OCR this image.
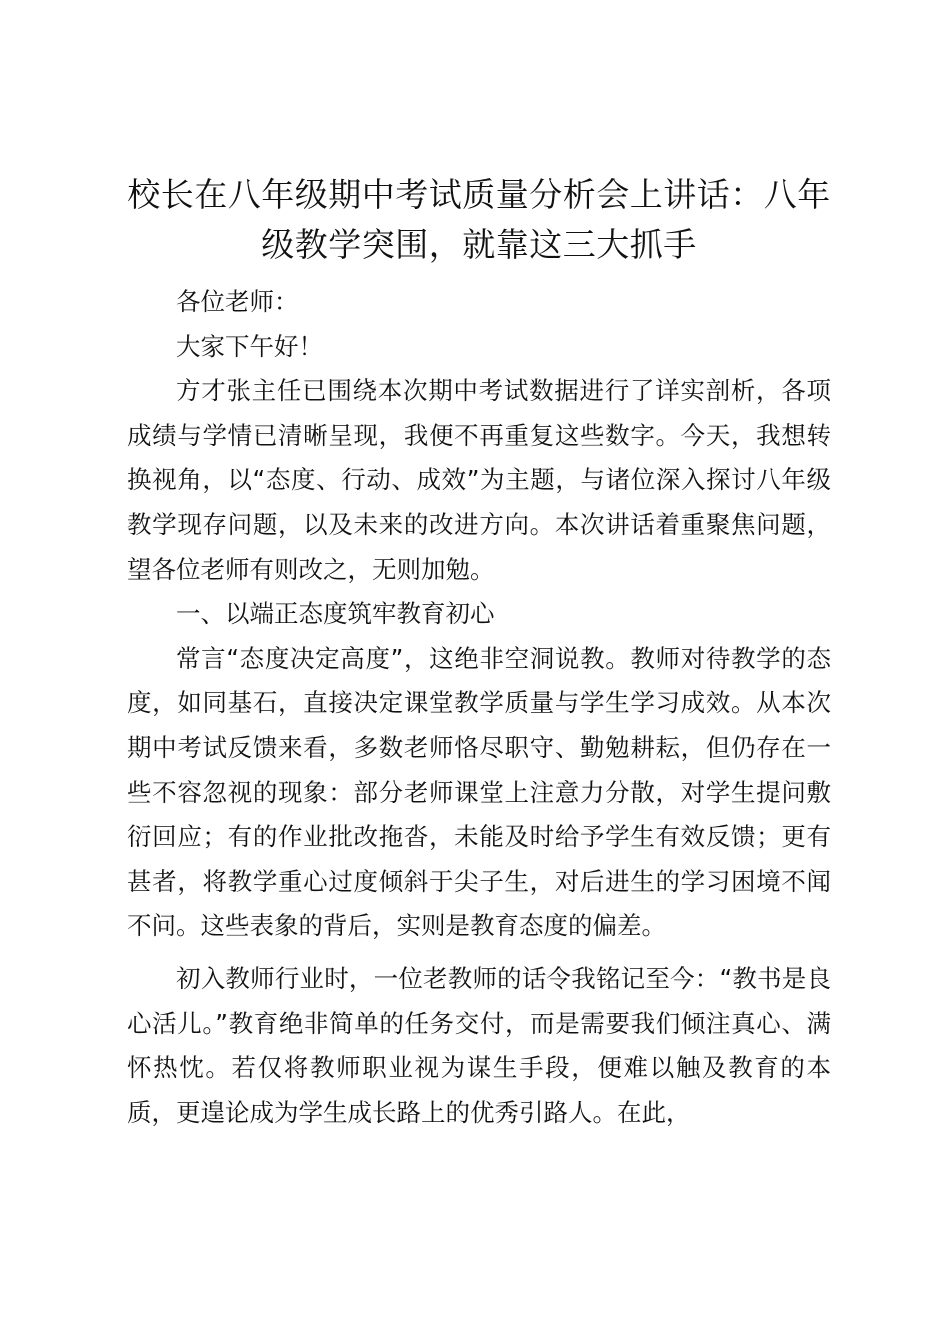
校长在八年级期中考试质量分析会上讲话：八年级教学突围，就靠这三大抓手

各位老师：

大家下午好！

方才张主任已围绕本次期中考试数据进行了详实剖析，各项成绩与学情已清晰呈现，我便不再重复这些数字。今天，我想转换视角，以“态度、行动、成效”为主题，与诸位深入探讨八年级教学现存问题，以及未来的改进方向。本次讲话着重聚焦问题，望各位老师有则改之，无则加勉。

一、以端正态度筑牢教育初心

常言“态度决定高度”，这绝非空洞说教。教师对待教学的态度，如同基石，直接决定课堂教学质量与学生学习成效。从本次期中考试反馈来看，多数老师恪尽职守、勤勉耕耘，但仍存在一些不容忽视的现象：部分老师课堂上注意力分散，对学生提问敷衍回应；有的作业批改拖沓，未能及时给予学生有效反馈；更有甚者，将教学重心过度倾斜于尖子生，对后进生的学习困境不闻不问。这些表象的背后，实则是教育态度的偏差。

初入教师行业时，一位老教师的话令我铭记至今：“教书是良心活儿。”教育绝非简单的任务交付，而是需要我们倾注真心、满怀热忱。若仅将教师职业视为谋生手段，便难以触及教育的本质，更遑论成为学生成长路上的优秀引路人。在此，
